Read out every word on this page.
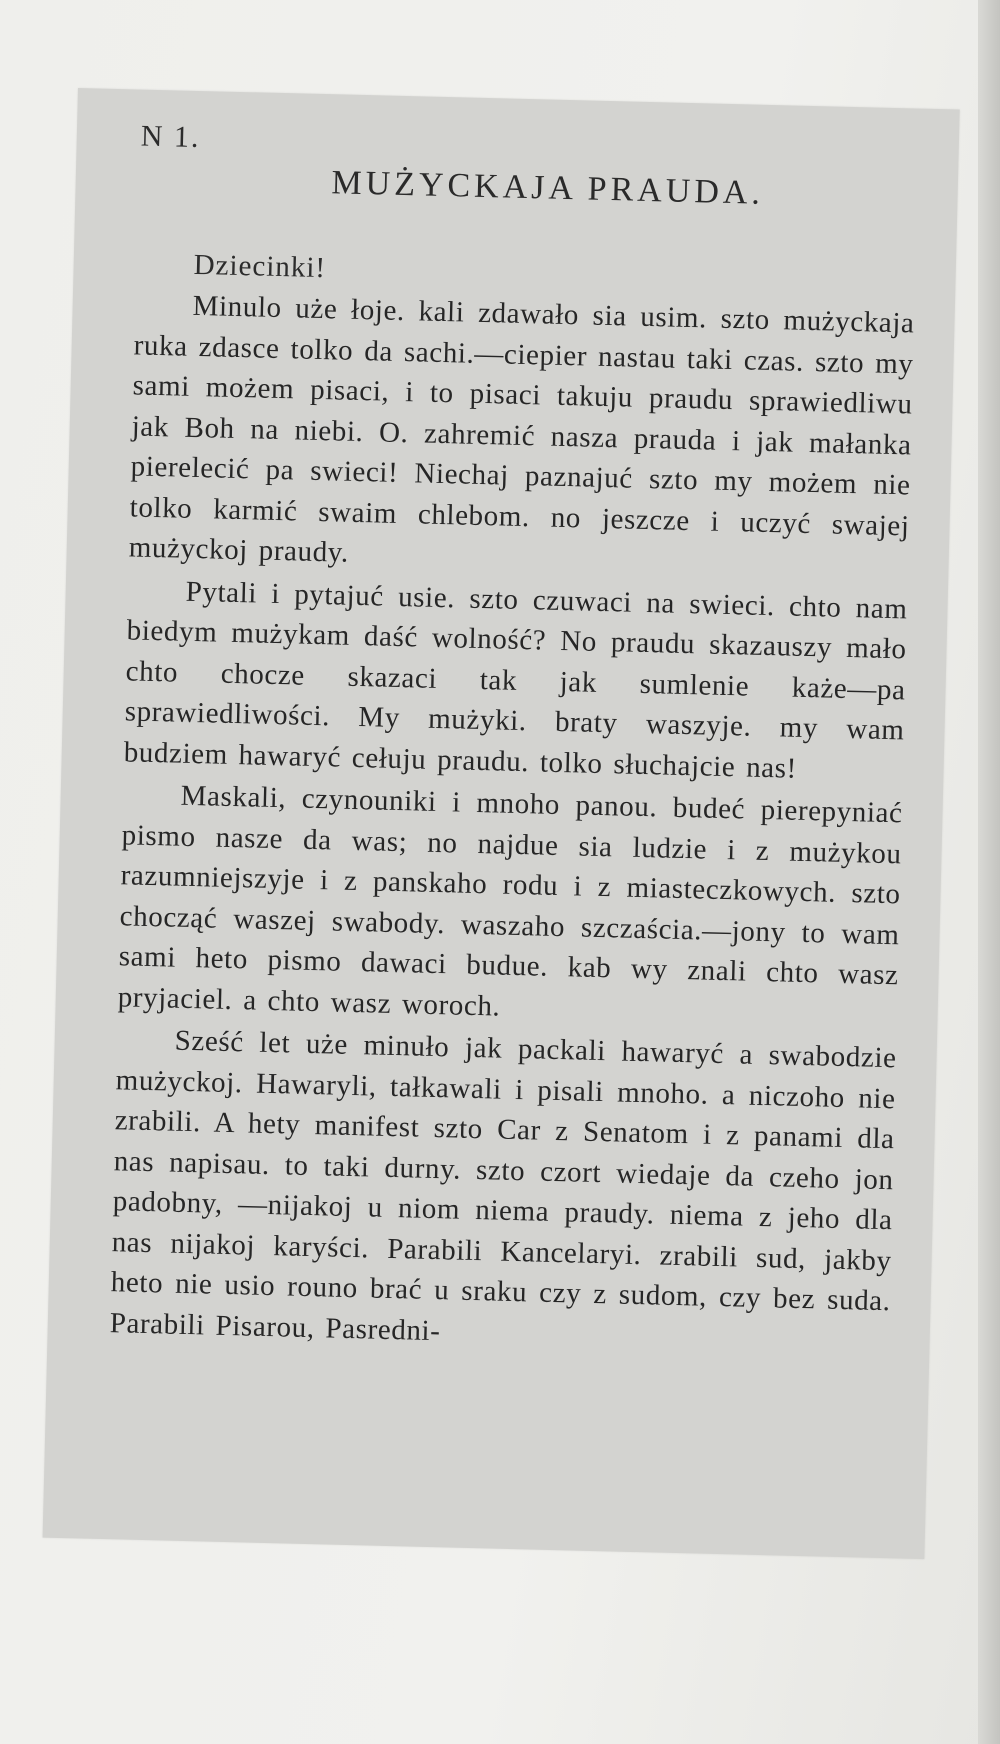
N 1.
MUŻYCKAJA PRAUDA.
Dziecinki!

Minulo uże łoje. kali zdawało sia usim. szto mużyckaja ruka zdasce tolko da sachi.—ciepier nastau taki czas. szto my sami możem pisaci, i to pisaci takuju praudu sprawiedliwu jak Boh na niebi. O. zahremić nasza prauda i jak małanka pierelecić pa swieci! Niechaj paznajuć szto my możem nie tolko karmić swaim chlebom. no jeszcze i uczyć swajej mużyckoj praudy.

Pytali i pytajuć usie. szto czuwaci na swieci. chto nam biedym mużykam daść wolność? No praudu skazauszy mało chto chocze skazaci tak jak sumlenie każe—pa sprawiedliwości. My mużyki. braty waszyje. my wam budziem hawaryć cełuju praudu. tolko słuchajcie nas!

Maskali, czynouniki i mnoho panou. budeć pierepyniać pismo nasze da was; no najdue sia ludzie i z mużykou razumniejszyje i z panskaho rodu i z miasteczkowych. szto chocząć waszej swabody. waszaho szczaścia.—jony to wam sami heto pismo dawaci budue. kab wy znali chto wasz pryjaciel. a chto wasz woroch.

Sześć let uże minuło jak packali hawaryć a swabodzie mużyckoj. Hawaryli, tałkawali i pisali mnoho. a niczoho nie zrabili. A hety manifest szto Car z Senatom i z panami dla nas napisau. to taki durny. szto czort wiedaje da czeho jon padobny, —nijakoj u niom niema praudy. niema z jeho dla nas nijakoj karyści. Parabili Kancelaryi. zrabili sud, jakby heto nie usio rouno brać u sraku czy z sudom, czy bez suda. Parabili Pisarou, Pasredni-
